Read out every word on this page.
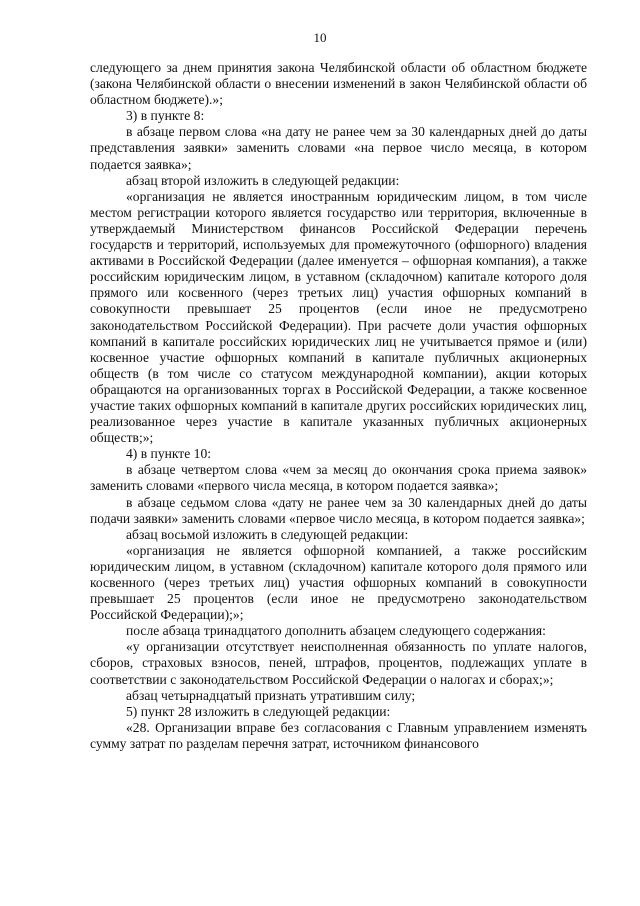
10

следующего за днем принятия закона Челябинской области об областном бюджете (закона Челябинской области о внесении изменений в закон Челябинской области об областном бюджете).»;

3) в пункте 8:

в абзаце первом слова «на дату не ранее чем за 30 календарных дней до даты представления заявки» заменить словами «на первое число месяца, в котором подается заявка»;

абзац второй изложить в следующей редакции:

«организация не является иностранным юридическим лицом, в том числе местом регистрации которого является государство или территория, включенные в утверждаемый Министерством финансов Российской Федерации перечень государств и территорий, используемых для промежуточного (офшорного) владения активами в Российской Федерации (далее именуется – офшорная компания), а также российским юридическим лицом, в уставном (складочном) капитале которого доля прямого или косвенного (через третьих лиц) участия офшорных компаний в совокупности превышает 25 процентов (если иное не предусмотрено законодательством Российской Федерации). При расчете доли участия офшорных компаний в капитале российских юридических лиц не учитывается прямое и (или) косвенное участие офшорных компаний в капитале публичных акционерных обществ (в том числе со статусом международной компании), акции которых обращаются на организованных торгах в Российской Федерации, а также косвенное участие таких офшорных компаний в капитале других российских юридических лиц, реализованное через участие в капитале указанных публичных акционерных обществ;»;

4) в пункте 10:

в абзаце четвертом слова «чем за месяц до окончания срока приема заявок» заменить словами «первого числа месяца, в котором подается заявка»;

в абзаце седьмом слова «дату не ранее чем за 30 календарных дней до даты подачи заявки» заменить словами «первое число месяца, в котором подается заявка»;

абзац восьмой изложить в следующей редакции:

«организация не является офшорной компанией, а также российским юридическим лицом, в уставном (складочном) капитале которого доля прямого или косвенного (через третьих лиц) участия офшорных компаний в совокупности превышает 25 процентов (если иное не предусмотрено законодательством Российской Федерации);»;

после абзаца тринадцатого дополнить абзацем следующего содержания:

«у организации отсутствует неисполненная обязанность по уплате налогов, сборов, страховых взносов, пеней, штрафов, процентов, подлежащих уплате в соответствии с законодательством Российской Федерации о налогах и сборах;»;

абзац четырнадцатый признать утратившим силу;

5) пункт 28 изложить в следующей редакции:

«28. Организации вправе без согласования с Главным управлением изменять сумму затрат по разделам перечня затрат, источником финансового
